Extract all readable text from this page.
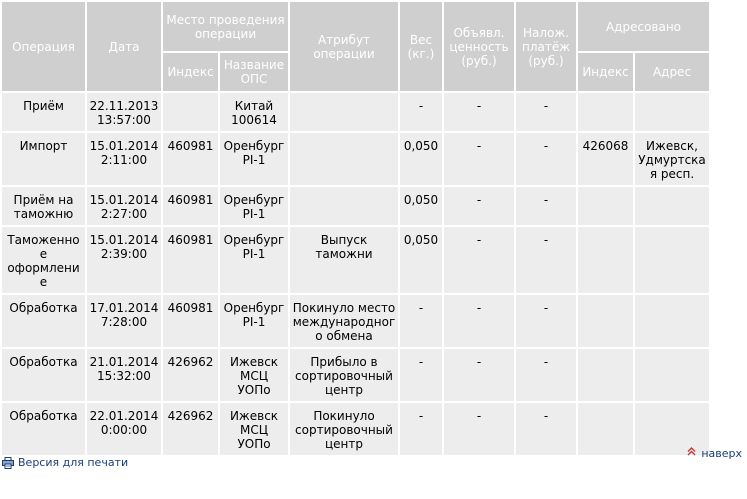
Операция	Дата	Место проведения операции		Атрибут операции	Вес (кг.)	Объявл. ценность (руб.)	Налож. платёж (руб.)	Адресовано	
		Индекс	Название ОПС					Индекс	Адрес
Приём	22.11.2013 13:57:00		Китай 100614		-	-	-		
Импорт	15.01.2014 2:11:00	460981	Оренбург PI-1		0,050	-	-	426068	Ижевск, Удмуртская респ.
Приём на таможню	15.01.2014 2:27:00	460981	Оренбург PI-1		0,050	-	-		
Таможенное оформление	15.01.2014 2:39:00	460981	Оренбург PI-1	Выпуск таможни	0,050	-	-		
Обработка	17.01.2014 7:28:00	460981	Оренбург PI-1	Покинуло место международного обмена	-	-	-		
Обработка	21.01.2014 15:32:00	426962	Ижевск МСЦ УОПо	Прибыло в сортировочный центр	-	-	-		
Обработка	22.01.2014 0:00:00	426962	Ижевск МСЦ УОПо	Покинуло сортировочный центр	-	-	-		
Версия для печати
наверх
